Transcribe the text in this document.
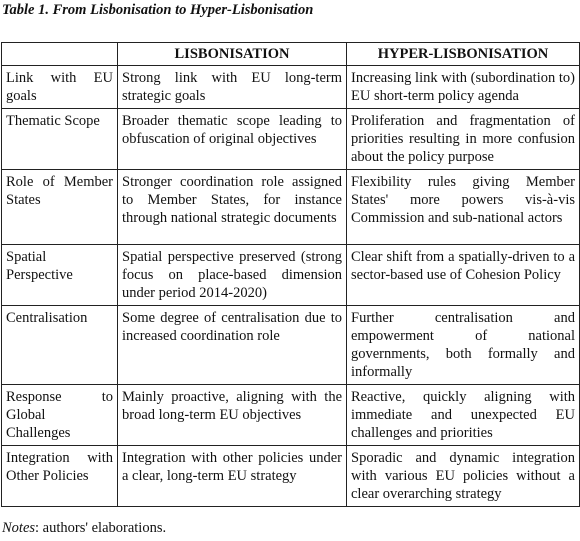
Table 1. From Lisbonisation to Hyper-Lisbonisation
	LISBONISATION	HYPER-LISBONISATION
Link with EU goals	Strong link with EU long-term strategic goals	Increasing link with (subordination to) EU short-term policy agenda
Thematic Scope	Broader thematic scope leading to obfuscation of original objectives	Proliferation and fragmentation of priorities resulting in more confusion about the policy purpose
Role of Member States	Stronger coordination role assigned to Member States, for instance through national strategic documents	Flexibility rules giving Member States' more powers vis-à-vis Commission and sub-national actors
Spatial Perspective	Spatial perspective preserved (strong focus on place-based dimension under period 2014-2020)	Clear shift from a spatially-driven to a sector-based use of Cohesion Policy
Centralisation	Some degree of centralisation due to increased coordination role	Further centralisation and empowerment of national governments, both formally and informally
Response to Global Challenges	Mainly proactive, aligning with the broad long-term EU objectives	Reactive, quickly aligning with immediate and unexpected EU challenges and priorities
Integration with Other Policies	Integration with other policies under a clear, long-term EU strategy	Sporadic and dynamic integration with various EU policies without a clear overarching strategy
Notes: authors' elaborations.
